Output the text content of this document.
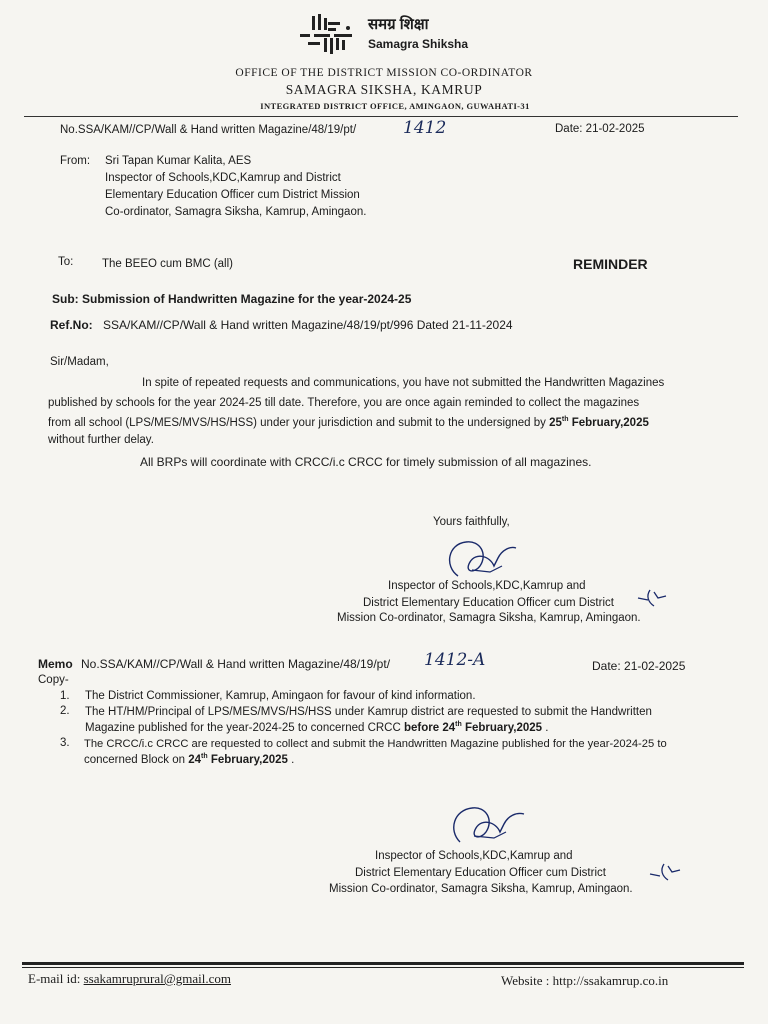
समग्र शिक्षा
Samagra Shiksha
OFFICE OF THE DISTRICT MISSION CO-ORDINATOR
SAMAGRA SIKSHA, KAMRUP
INTEGRATED DISTRICT OFFICE, AMINGAON, GUWAHATI-31
No.SSA/KAM//CP/Wall & Hand written Magazine/48/19/pt/	1412	Date: 21-02-2025
From: Sri Tapan Kumar Kalita, AES
Inspector of Schools,KDC,Kamrup and District
Elementary Education Officer cum District Mission
Co-ordinator, Samagra Siksha, Kamrup, Amingaon.
To: The BEEO cum BMC (all)	REMINDER
Sub: Submission of Handwritten Magazine for the year-2024-25
Ref.No: SSA/KAM//CP/Wall & Hand written Magazine/48/19/pt/996 Dated 21-11-2024
Sir/Madam,
In spite of repeated requests and communications, you have not submitted the Handwritten Magazines
published by schools for the year 2024-25 till date. Therefore, you are once again reminded to collect the magazines
from all school (LPS/MES/MVS/HS/HSS) under your jurisdiction and submit to the undersigned by 25th February,2025
without further delay.
All BRPs will coordinate with CRCC/i.c CRCC for timely submission of all magazines.
Yours faithfully,
Inspector of Schools,KDC,Kamrup and
District Elementary Education Officer cum District
Mission Co-ordinator, Samagra Siksha, Kamrup, Amingaon.
Memo No.SSA/KAM//CP/Wall & Hand written Magazine/48/19/pt/ 1412-A	Date: 21-02-2025
Copy-
1. The District Commissioner, Kamrup, Amingaon for favour of kind information.
2. The HT/HM/Principal of LPS/MES/MVS/HS/HSS under Kamrup district are requested to submit the Handwritten
Magazine published for the year-2024-25 to concerned CRCC before 24th February,2025 .
3. The CRCC/i.c CRCC are requested to collect and submit the Handwritten Magazine published for the year-2024-25 to
concerned Block on 24th February,2025 .
Inspector of Schools,KDC,Kamrup and
District Elementary Education Officer cum District
Mission Co-ordinator, Samagra Siksha, Kamrup, Amingaon.
E-mail id: ssakamruprural@gmail.com	Website : http://ssakamrup.co.in
